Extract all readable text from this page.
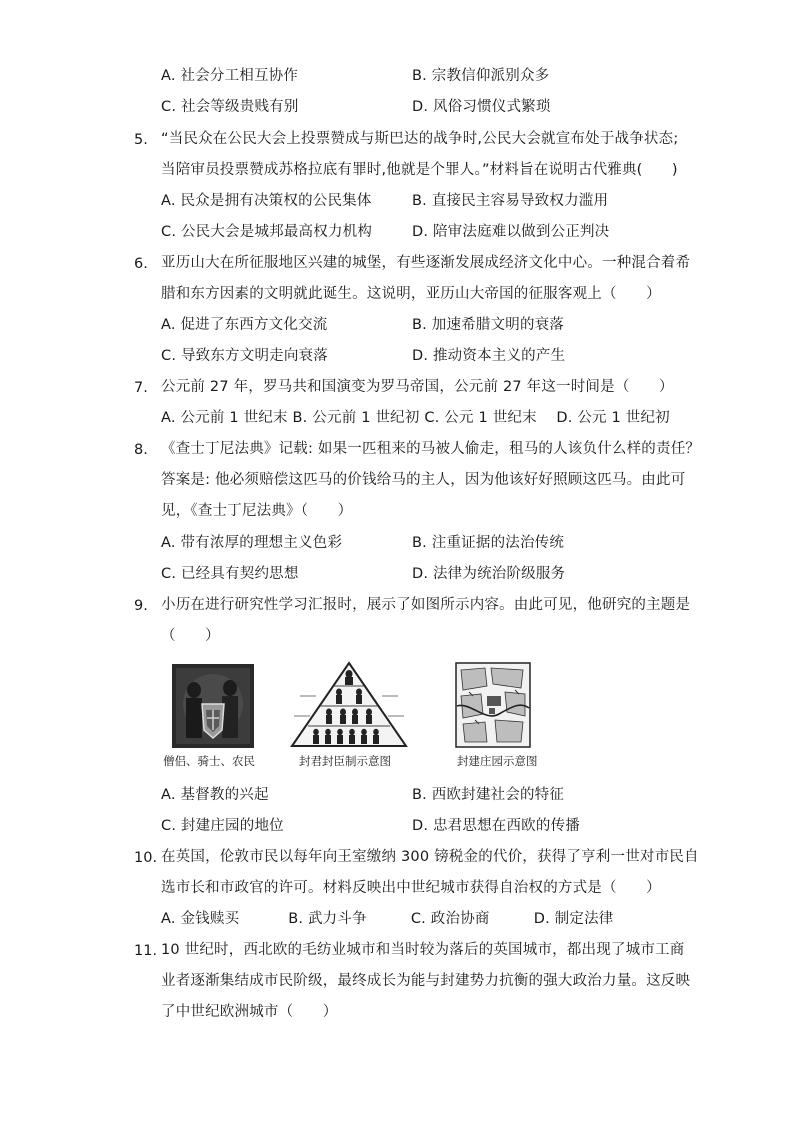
A. 社会分工相互协作	B. 宗教信仰派别众多
C. 社会等级贵贱有别	D. 风俗习惯仪式繁琐
5. “当民众在公民大会上投票赞成与斯巴达的战争时,公民大会就宣布处于战争状态;
当陪审员投票赞成苏格拉底有罪时,他就是个罪人。”材料旨在说明古代雅典(　　)
A. 民众是拥有决策权的公民集体	B. 直接民主容易导致权力滥用
C. 公民大会是城邦最高权力机构	D. 陪审法庭难以做到公正判决
6. 亚历山大在所征服地区兴建的城堡，有些逐渐发展成经济文化中心。一种混合着希
腊和东方因素的文明就此诞生。这说明，亚历山大帝国的征服客观上（　　）
A. 促进了东西方文化交流	B. 加速希腊文明的衰落
C. 导致东方文明走向衰落	D. 推动资本主义的产生
7. 公元前 27 年，罗马共和国演变为罗马帝国，公元前 27 年这一时间是（　　）
A. 公元前 1 世纪末 B. 公元前 1 世纪初 C. 公元 1 世纪末　 D. 公元 1 世纪初
8. 《查士丁尼法典》记载: 如果一匹租来的马被人偷走，租马的人该负什么样的责任？
答案是: 他必须赔偿这匹马的价钱给马的主人，因为他该好好照顾这匹马。由此可
见，《查士丁尼法典》（　　）
A. 带有浓厚的理想主义色彩	B. 注重证据的法治传统
C. 已经具有契约思想	D. 法律为统治阶级服务
9. 小历在进行研究性学习汇报时，展示了如图所示内容。由此可见，他研究的主题是
（　　）
僧侣、骑士、农民	封君封臣制示意图	封建庄园示意图
A. 基督教的兴起	B. 西欧封建社会的特征
C. 封建庄园的地位	D. 忠君思想在西欧的传播
10. 在英国，伦敦市民以每年向王室缴纳 300 镑税金的代价，获得了亨利一世对市民自
选市长和市政官的许可。材料反映出中世纪城市获得自治权的方式是（　　）
A. 金钱赎买　　　 B. 武力斗争　　　C. 政治协商　　　D. 制定法律
11. 10 世纪时，西北欧的毛纺业城市和当时较为落后的英国城市，都出现了城市工商
业者逐渐集结成市民阶级，最终成长为能与封建势力抗衡的强大政治力量。这反映
了中世纪欧洲城市（　　）
